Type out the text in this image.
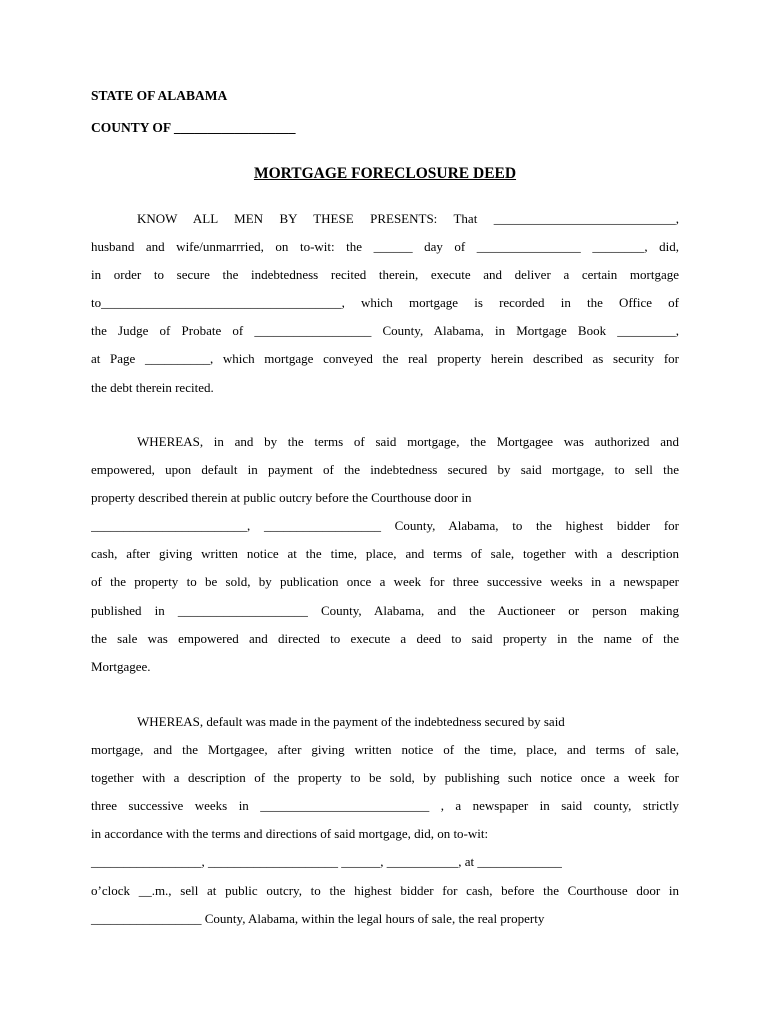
STATE OF ALABAMA
COUNTY OF __________________
MORTGAGE FORECLOSURE DEED
KNOW ALL MEN BY THESE PRESENTS: That ____________________________,
husband and wife/unmarrried, on to-wit: the ______ day of ________________ ________, did,
in order to secure the indebtedness recited therein, execute and deliver a certain mortgage
to_____________________________________, which mortgage is recorded in the Office of
the Judge of Probate of __________________ County, Alabama, in Mortgage Book _________,
at Page __________, which mortgage conveyed the real property herein described as security for
the debt therein recited.
WHEREAS, in and by the terms of said mortgage, the Mortgagee was authorized and
empowered, upon default in payment of the indebtedness secured by said mortgage, to sell the
property described therein at public outcry before the Courthouse door in
________________________, __________________ County, Alabama, to the highest bidder for
cash, after giving written notice at the time, place, and terms of sale, together with a description
of the property to be sold, by publication once a week for three successive weeks in a newspaper
published in ____________________ County, Alabama, and the Auctioneer or person making
the sale was empowered and directed to execute a deed to said property in the name of the
Mortgagee.
WHEREAS, default was made in the payment of the indebtedness secured by said
mortgage, and the Mortgagee, after giving written notice of the time, place, and terms of sale,
together with a description of the property to be sold, by publishing such notice once a week for
three successive weeks in __________________________ , a newspaper in said county, strictly
in accordance with the terms and directions of said mortgage, did, on to-wit:
_________________, ____________________ ______, ___________, at _____________
o’clock __.m., sell at public outcry, to the highest bidder for cash, before the Courthouse door in
_________________ County, Alabama, within the legal hours of sale, the real property
